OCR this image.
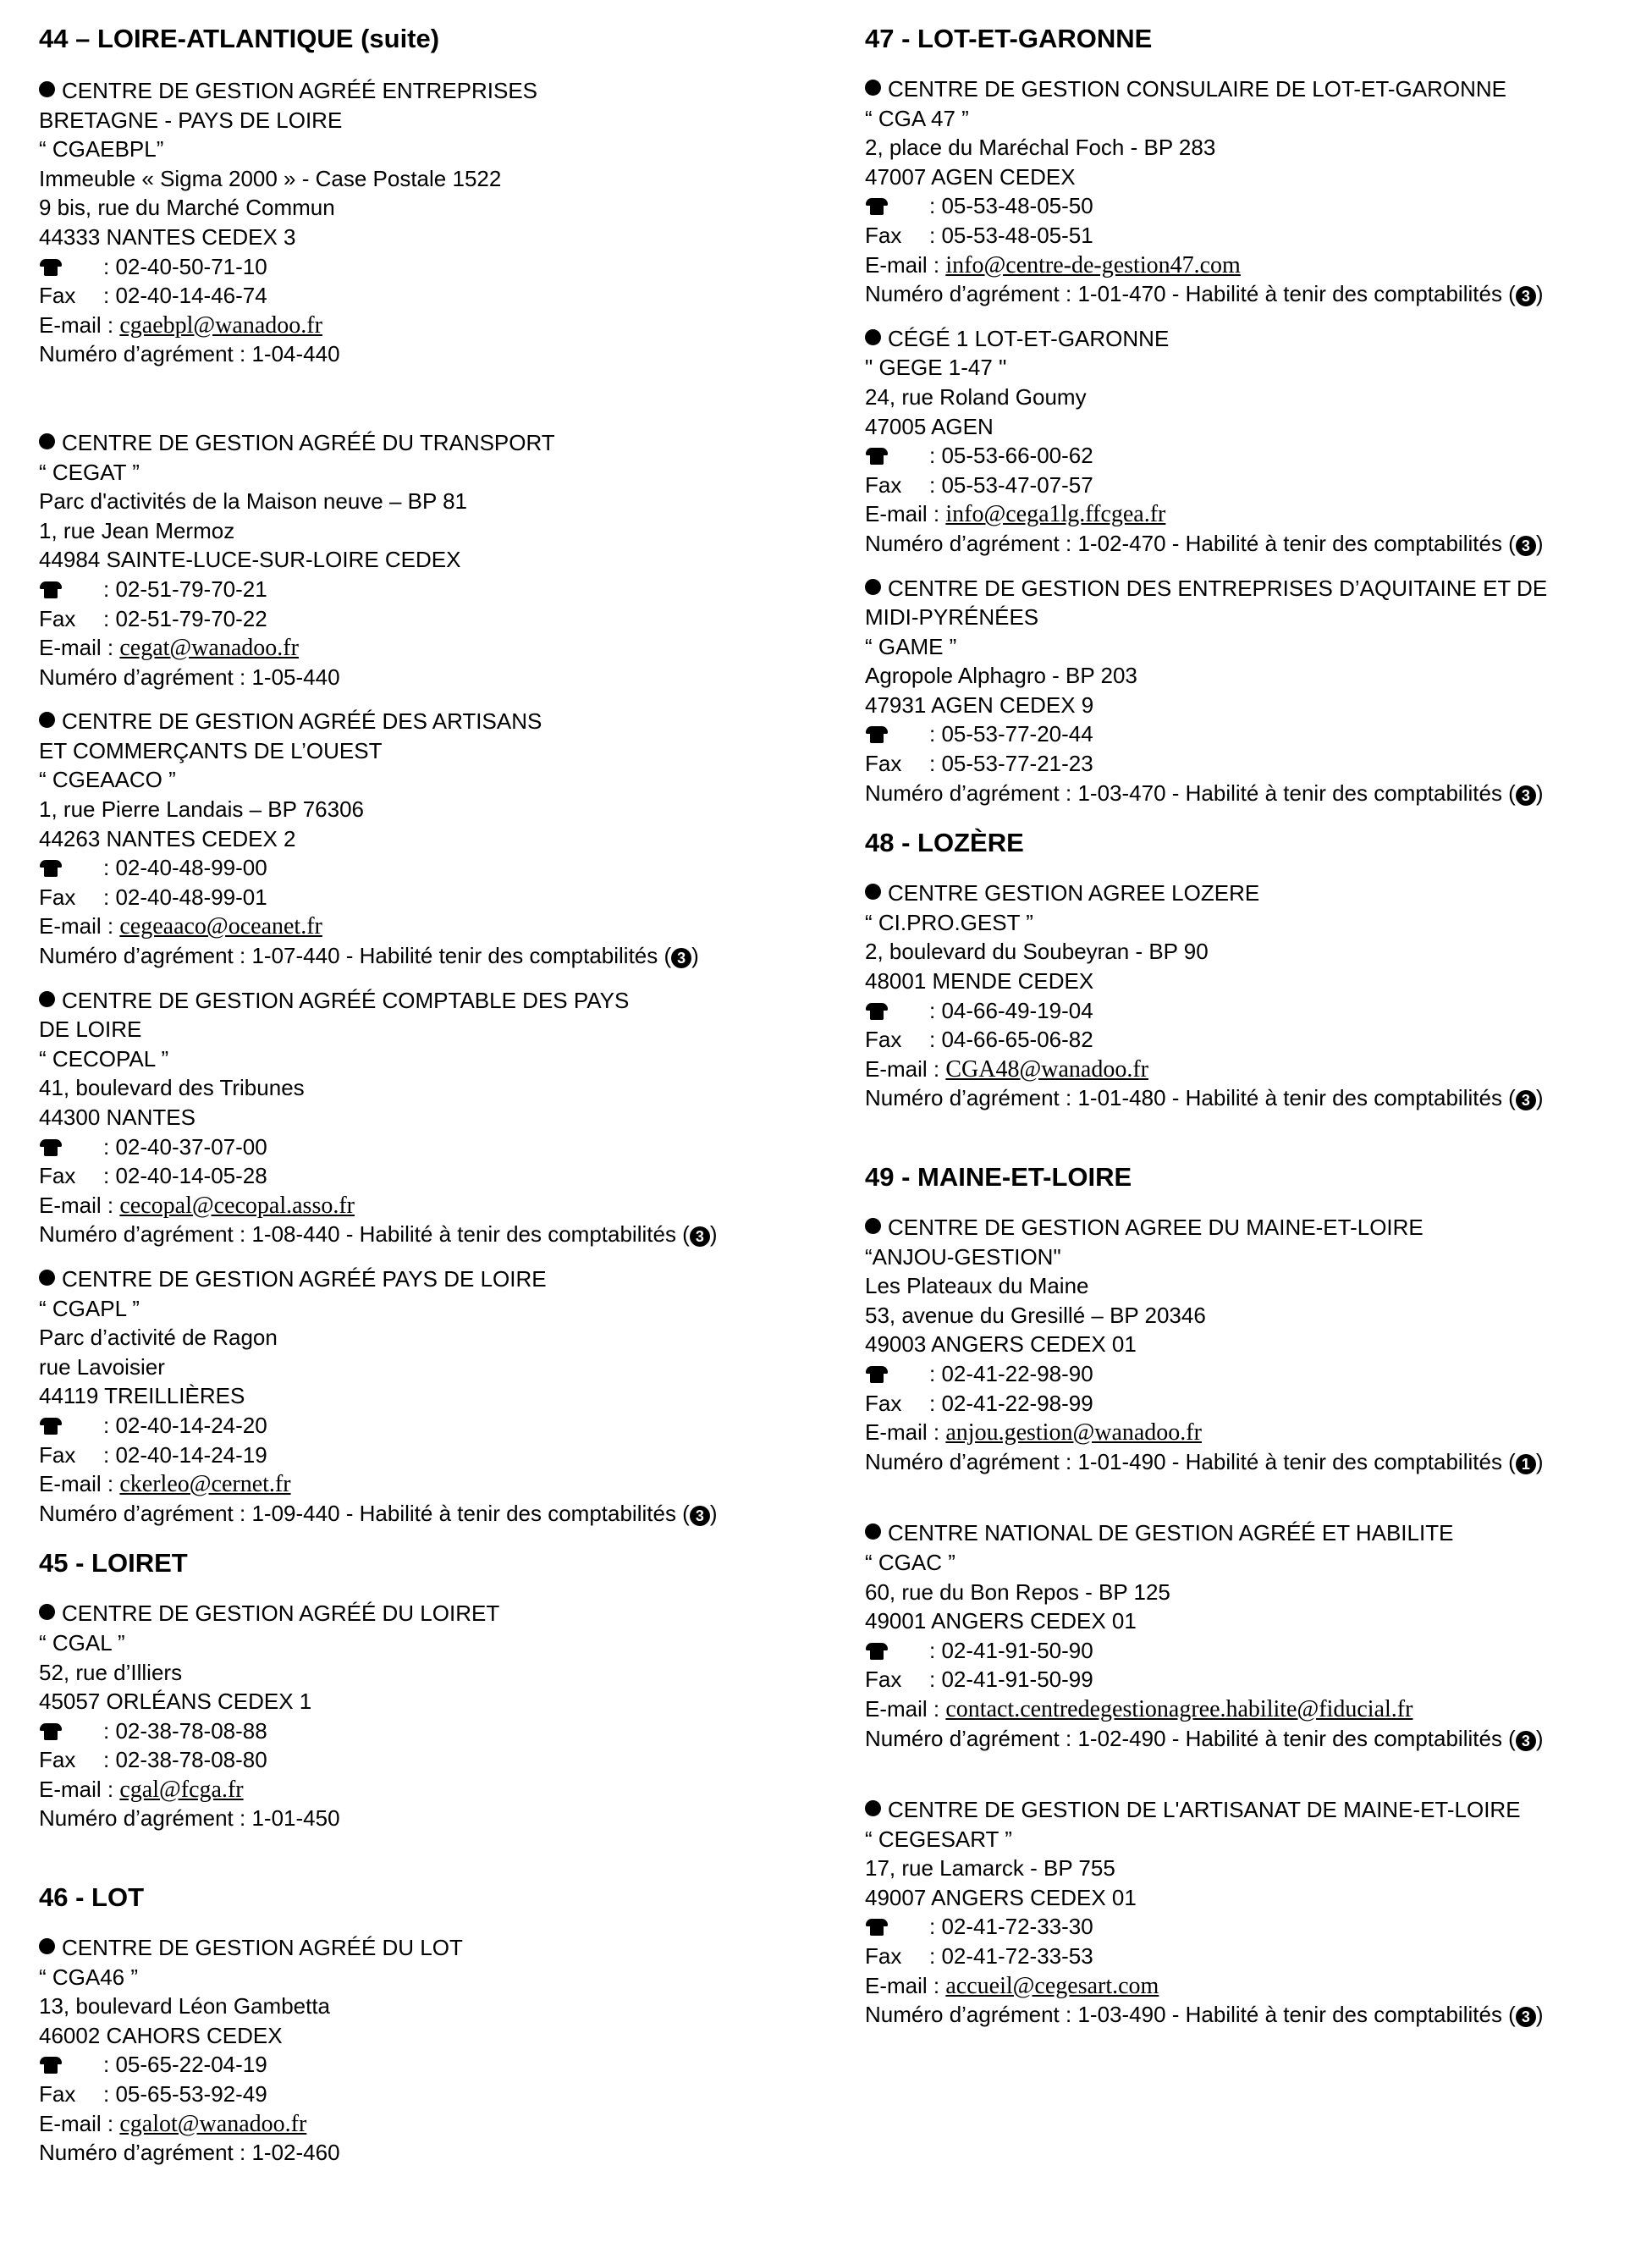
44 – LOIRE-ATLANTIQUE (suite)
CENTRE DE GESTION AGRÉÉ ENTREPRISES
BRETAGNE - PAYS DE LOIRE
“ CGAEBPL”
Immeuble « Sigma 2000 » - Case Postale 1522
9 bis, rue du Marché Commun
44333 NANTES CEDEX 3
: 02-40-50-71-10
Fax : 02-40-14-46-74
E-mail : cgaebpl@wanadoo.fr
Numéro d’agrément : 1-04-440
CENTRE DE GESTION AGRÉÉ DU TRANSPORT
“ CEGAT ”
Parc d'activités de la Maison neuve – BP 81
1, rue Jean Mermoz
44984 SAINTE-LUCE-SUR-LOIRE CEDEX
: 02-51-79-70-21
Fax : 02-51-79-70-22
E-mail : cegat@wanadoo.fr
Numéro d’agrément : 1-05-440
CENTRE DE GESTION AGRÉÉ DES ARTISANS
ET COMMERÇANTS DE L’OUEST
“ CGEAACO ”
1, rue Pierre Landais – BP 76306
44263 NANTES CEDEX 2
: 02-40-48-99-00
Fax : 02-40-48-99-01
E-mail : cegeaaco@oceanet.fr
Numéro d’agrément : 1-07-440 - Habilité tenir des comptabilités ( 3 )
CENTRE DE GESTION AGRÉÉ COMPTABLE DES PAYS
DE LOIRE
“ CECOPAL ”
41, boulevard des Tribunes
44300 NANTES
: 02-40-37-07-00
Fax : 02-40-14-05-28
E-mail : cecopal@cecopal.asso.fr
Numéro d’agrément : 1-08-440 - Habilité à tenir des comptabilités ( 3 )
CENTRE DE GESTION AGRÉÉ PAYS DE LOIRE
“ CGAPL ”
Parc d’activité de Ragon
rue Lavoisier
44119 TREILLIÈRES
: 02-40-14-24-20
Fax : 02-40-14-24-19
E-mail : ckerleo@cernet.fr
Numéro d’agrément : 1-09-440 - Habilité à tenir des comptabilités ( 3 )
45 - LOIRET
CENTRE DE GESTION AGRÉÉ DU LOIRET
“ CGAL ”
52, rue d’Illiers
45057 ORLÉANS CEDEX 1
: 02-38-78-08-88
Fax : 02-38-78-08-80
E-mail : cgal@fcga.fr
Numéro d’agrément : 1-01-450
46 - LOT
CENTRE DE GESTION AGRÉÉ DU LOT
“ CGA46 ”
13, boulevard Léon Gambetta
46002 CAHORS CEDEX
: 05-65-22-04-19
Fax : 05-65-53-92-49
E-mail : cgalot@wanadoo.fr
Numéro d’agrément : 1-02-460
47 - LOT-ET-GARONNE
CENTRE DE GESTION CONSULAIRE DE LOT-ET-GARONNE
“ CGA 47 ”
2, place du Maréchal Foch - BP 283
47007 AGEN CEDEX
: 05-53-48-05-50
Fax : 05-53-48-05-51
E-mail : info@centre-de-gestion47.com
Numéro d’agrément : 1-01-470 - Habilité à tenir des comptabilités ( 3 )
CÉGÉ 1 LOT-ET-GARONNE
" GEGE 1-47 "
24, rue Roland Goumy
47005 AGEN
: 05-53-66-00-62
Fax : 05-53-47-07-57
E-mail : info@cega1lg.ffcgea.fr
Numéro d’agrément : 1-02-470 - Habilité à tenir des comptabilités ( 3 )
CENTRE DE GESTION DES ENTREPRISES D’AQUITAINE ET DE
MIDI-PYRÉNÉES
“ GAME ”
Agropole Alphagro - BP 203
47931 AGEN CEDEX 9
: 05-53-77-20-44
Fax : 05-53-77-21-23
Numéro d’agrément : 1-03-470 - Habilité à tenir des comptabilités ( 3 )
48 - LOZÈRE
CENTRE GESTION AGREE LOZERE
“ CI.PRO.GEST ”
2, boulevard du Soubeyran - BP 90
48001 MENDE CEDEX
: 04-66-49-19-04
Fax : 04-66-65-06-82
E-mail : CGA48@wanadoo.fr
Numéro d’agrément : 1-01-480 - Habilité à tenir des comptabilités ( 3 )
49 - MAINE-ET-LOIRE
CENTRE DE GESTION AGREE DU MAINE-ET-LOIRE
“ANJOU-GESTION"
Les Plateaux du Maine
53, avenue du Gresillé – BP 20346
49003 ANGERS CEDEX 01
: 02-41-22-98-90
Fax : 02-41-22-98-99
E-mail : anjou.gestion@wanadoo.fr
Numéro d’agrément : 1-01-490 - Habilité à tenir des comptabilités ( 1 )
CENTRE NATIONAL DE GESTION AGRÉÉ ET HABILITE
“ CGAC ”
60, rue du Bon Repos - BP 125
49001 ANGERS CEDEX 01
: 02-41-91-50-90
Fax : 02-41-91-50-99
E-mail : contact.centredegestionagree.habilite@fiducial.fr
Numéro d’agrément : 1-02-490 - Habilité à tenir des comptabilités ( 3 )
CENTRE DE GESTION DE L'ARTISANAT DE MAINE-ET-LOIRE
“ CEGESART ”
17, rue Lamarck - BP 755
49007 ANGERS CEDEX 01
: 02-41-72-33-30
Fax : 02-41-72-33-53
E-mail : accueil@cegesart.com
Numéro d’agrément : 1-03-490 - Habilité à tenir des comptabilités ( 3 )
